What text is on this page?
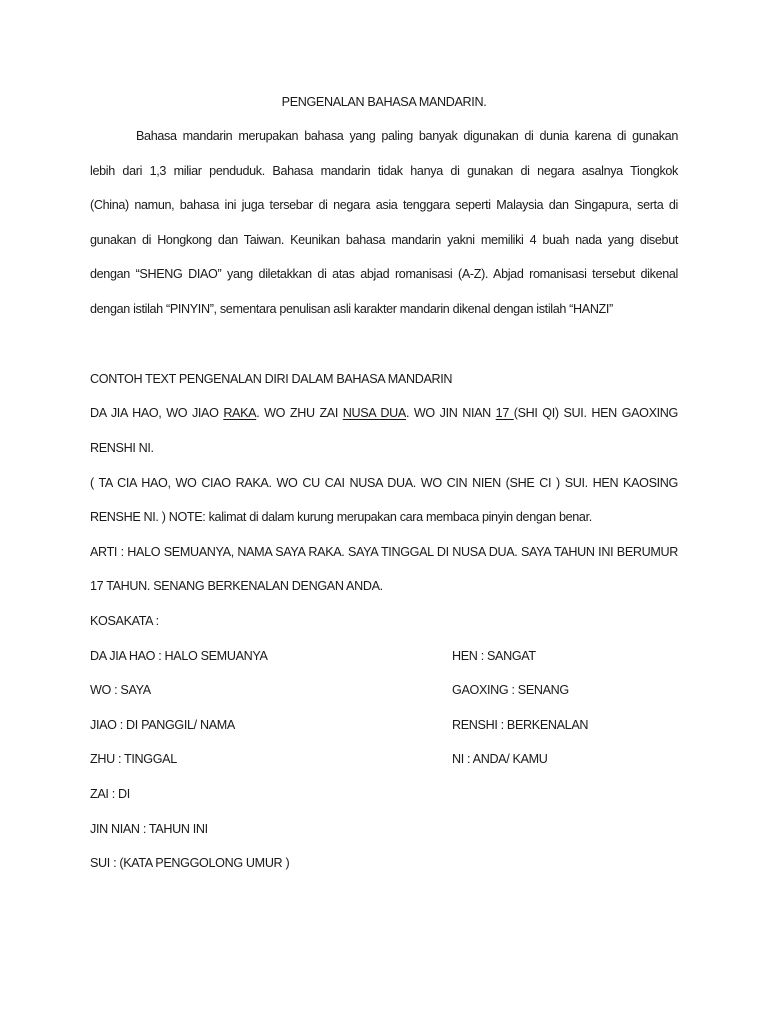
PENGENALAN BAHASA MANDARIN.
Bahasa mandarin merupakan bahasa yang paling banyak digunakan di dunia karena di gunakan
lebih dari 1,3 miliar penduduk. Bahasa mandarin tidak hanya di gunakan di negara asalnya Tiongkok
(China) namun, bahasa ini juga tersebar di negara asia tenggara seperti Malaysia dan Singapura, serta di
gunakan di Hongkong dan Taiwan. Keunikan bahasa mandarin yakni memiliki 4 buah nada yang disebut
dengan “SHENG DIAO” yang diletakkan di atas abjad romanisasi (A-Z). Abjad romanisasi tersebut dikenal
dengan istilah “PINYIN”, sementara penulisan asli karakter mandarin dikenal dengan istilah “HANZI”
CONTOH TEXT PENGENALAN DIRI DALAM BAHASA MANDARIN
DA JIA HAO, WO JIAO RAKA. WO ZHU ZAI NUSA DUA. WO JIN NIAN 17 (SHI QI) SUI. HEN GAOXING
RENSHI NI.
( TA CIA HAO, WO CIAO RAKA. WO CU CAI NUSA DUA. WO CIN NIEN (SHE CI ) SUI. HEN KAOSING
RENSHE NI. ) NOTE: kalimat di dalam kurung merupakan cara membaca pinyin dengan benar.
ARTI : HALO SEMUANYA, NAMA SAYA RAKA. SAYA TINGGAL DI NUSA DUA. SAYA TAHUN INI BERUMUR
17 TAHUN. SENANG BERKENALAN DENGAN ANDA.
KOSAKATA :
DA JIA HAO : HALO SEMUANYA
WO : SAYA
JIAO : DI PANGGIL/ NAMA
ZHU : TINGGAL
ZAI : DI
JIN NIAN : TAHUN INI
SUI : (KATA PENGGOLONG UMUR )
HEN : SANGAT
GAOXING : SENANG
RENSHI : BERKENALAN
NI : ANDA/ KAMU
